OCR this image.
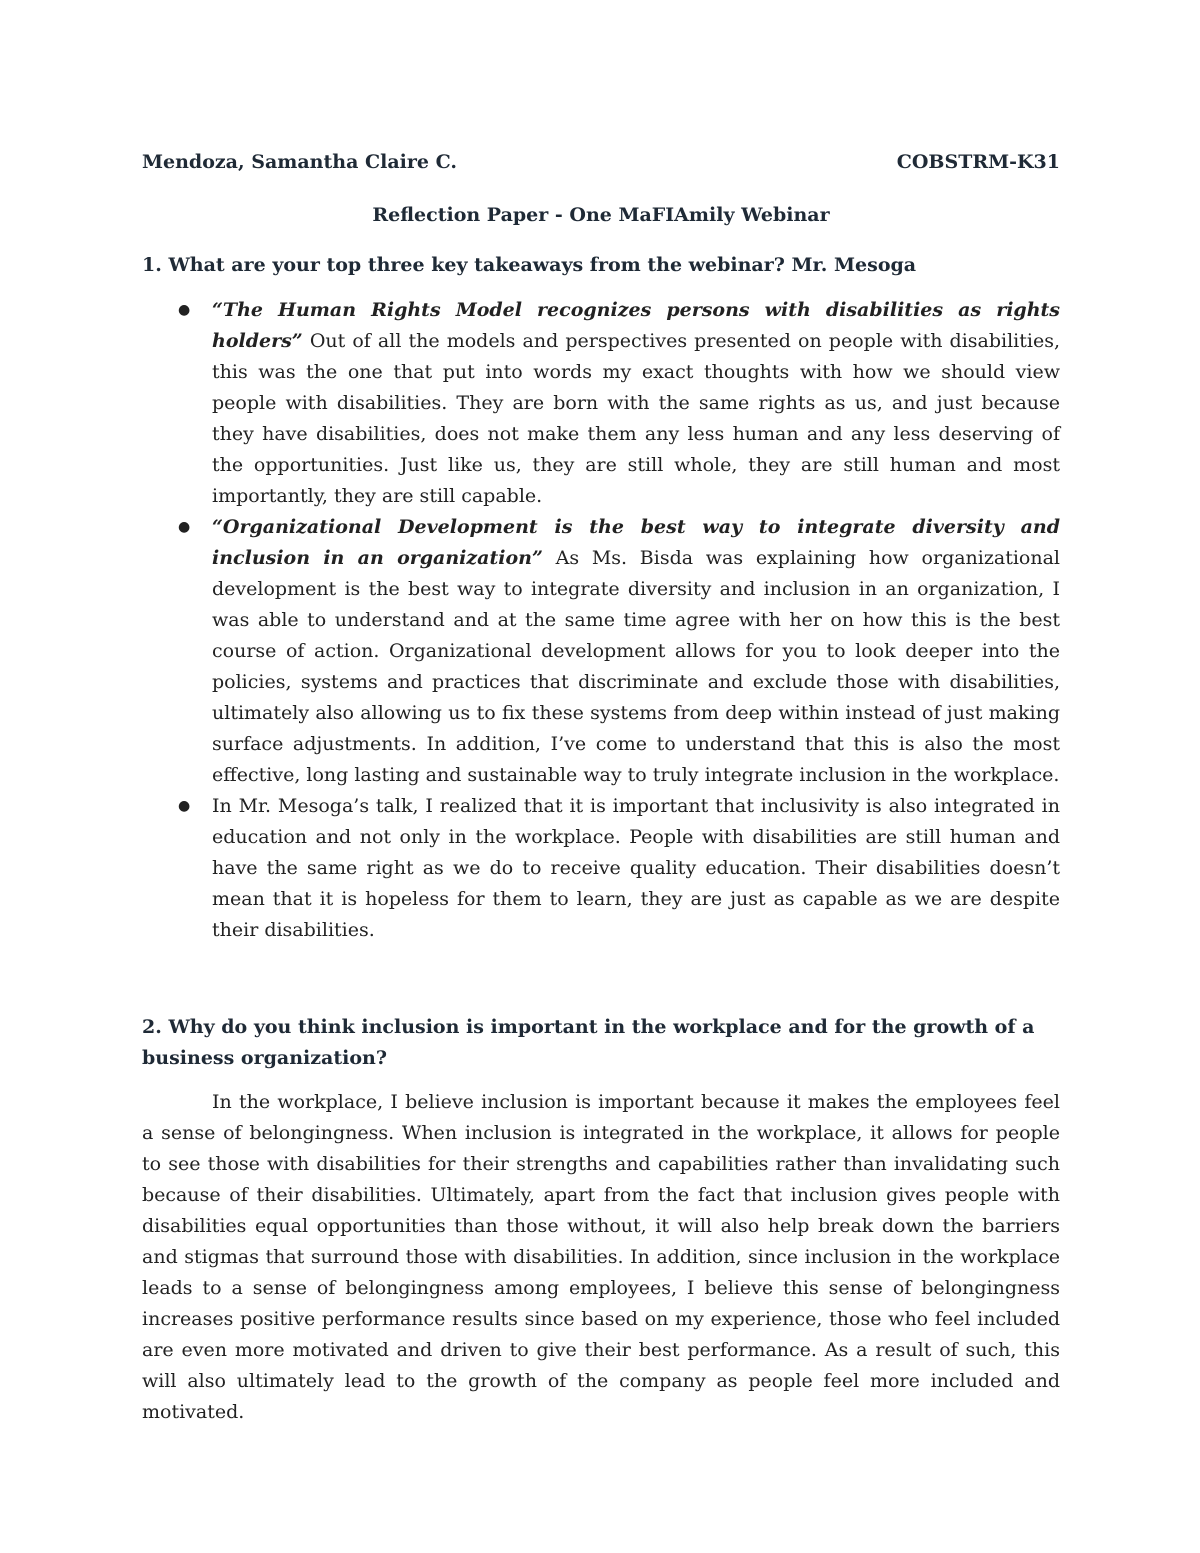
Mendoza, Samantha Claire C.	COBSTRM-K31
Reflection Paper - One MaFIAmily Webinar
1. What are your top three key takeaways from the webinar? Mr. Mesoga
● “The Human Rights Model recognizes persons with disabilities as rights holders” Out of all the models and perspectives presented on people with disabilities, this was the one that put into words my exact thoughts with how we should view people with disabilities. They are born with the same rights as us, and just because they have disabilities, does not make them any less human and any less deserving of the opportunities. Just like us, they are still whole, they are still human and most importantly, they are still capable.
● “Organizational Development is the best way to integrate diversity and inclusion in an organization” As Ms. Bisda was explaining how organizational development is the best way to integrate diversity and inclusion in an organization, I was able to understand and at the same time agree with her on how this is the best course of action. Organizational development allows for you to look deeper into the policies, systems and practices that discriminate and exclude those with disabilities, ultimately also allowing us to fix these systems from deep within instead of just making surface adjustments. In addition, I’ve come to understand that this is also the most effective, long lasting and sustainable way to truly integrate inclusion in the workplace.
● In Mr. Mesoga’s talk, I realized that it is important that inclusivity is also integrated in education and not only in the workplace. People with disabilities are still human and have the same right as we do to receive quality education. Their disabilities doesn’t mean that it is hopeless for them to learn, they are just as capable as we are despite their disabilities.
2. Why do you think inclusion is important in the workplace and for the growth of a business organization?

In the workplace, I believe inclusion is important because it makes the employees feel a sense of belongingness. When inclusion is integrated in the workplace, it allows for people to see those with disabilities for their strengths and capabilities rather than invalidating such because of their disabilities. Ultimately, apart from the fact that inclusion gives people with disabilities equal opportunities than those without, it will also help break down the barriers and stigmas that surround those with disabilities. In addition, since inclusion in the workplace leads to a sense of belongingness among employees, I believe this sense of belongingness increases positive performance results since based on my experience, those who feel included are even more motivated and driven to give their best performance. As a result of such, this will also ultimately lead to the growth of the company as people feel more included and motivated.
